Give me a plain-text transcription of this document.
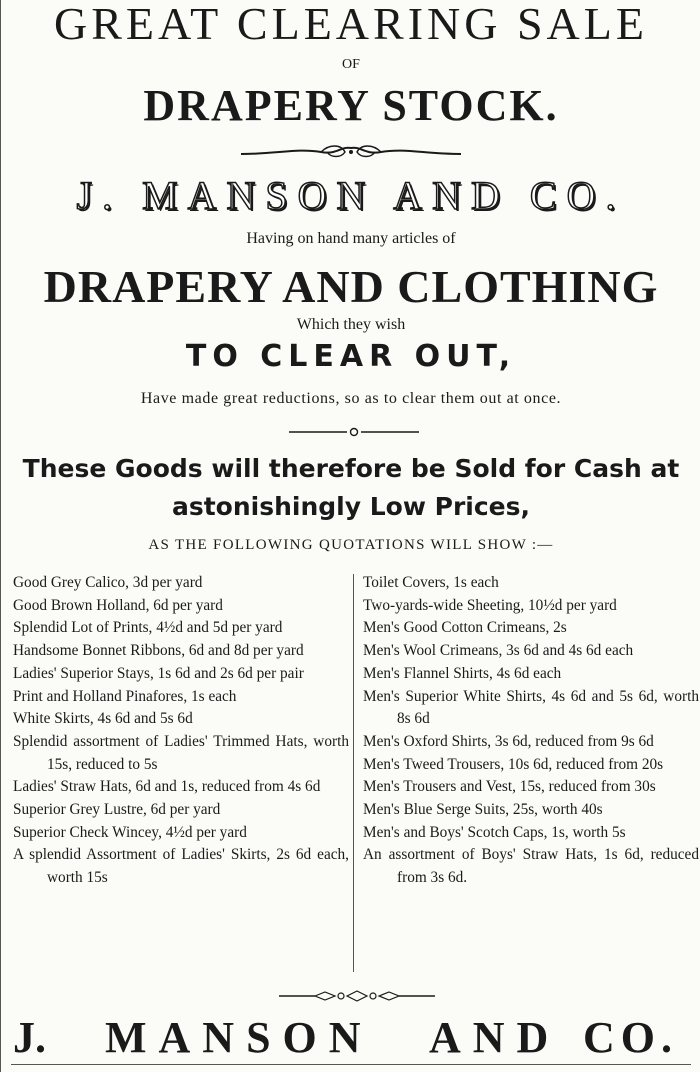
GREAT CLEARING SALE
OF
DRAPERY STOCK.
J. MANSON AND CO.
Having on hand many articles of
DRAPERY AND CLOTHING
Which they wish
TO CLEAR OUT,
Have made great reductions, so as to clear them out at once.
These Goods will therefore be Sold for Cash at
astonishingly Low Prices,
AS THE FOLLOWING QUOTATIONS WILL SHOW :—
Good Grey Calico, 3d per yard
Good Brown Holland, 6d per yard
Splendid Lot of Prints, 4½d and 5d per yard
Handsome Bonnet Ribbons, 6d and 8d per yard
Ladies' Superior Stays, 1s 6d and 2s 6d per pair
Print and Holland Pinafores, 1s each
White Skirts, 4s 6d and 5s 6d
Splendid assortment of Ladies' Trimmed Hats, worth 15s, reduced to 5s
Ladies' Straw Hats, 6d and 1s, reduced from 4s 6d
Superior Grey Lustre, 6d per yard
Superior Check Wincey, 4½d per yard
A splendid Assortment of Ladies' Skirts, 2s 6d each, worth 15s
Toilet Covers, 1s each
Two-yards-wide Sheeting, 10½d per yard
Men's Good Cotton Crimeans, 2s
Men's Wool Crimeans, 3s 6d and 4s 6d each
Men's Flannel Shirts, 4s 6d each
Men's Superior White Shirts, 4s 6d and 5s 6d, worth 8s 6d
Men's Oxford Shirts, 3s 6d, reduced from 9s 6d
Men's Tweed Trousers, 10s 6d, reduced from 20s
Men's Trousers and Vest, 15s, reduced from 30s
Men's Blue Serge Suits, 25s, worth 40s
Men's and Boys' Scotch Caps, 1s, worth 5s
An assortment of Boys' Straw Hats, 1s 6d, reduced from 3s 6d.
J. MANSON AND CO.
